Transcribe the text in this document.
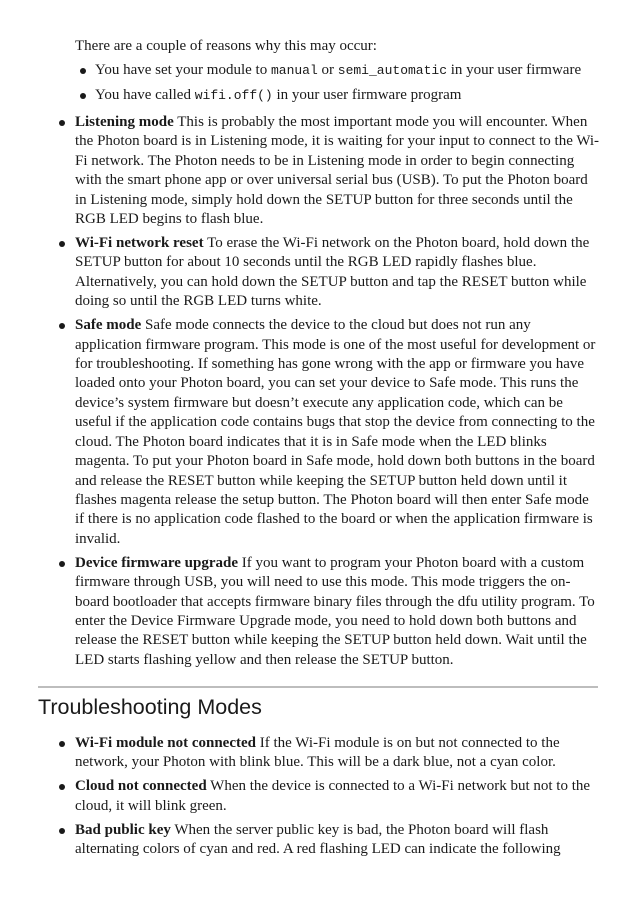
There are a couple of reasons why this may occur:

You have set your module to manual or semi_automatic in your user firmware
You have called wifi.off() in your user firmware program
Listening mode This is probably the most important mode you will encounter. When the Photon board is in Listening mode, it is waiting for your input to connect to the Wi-Fi network. The Photon needs to be in Listening mode in order to begin connecting with the smart phone app or over universal serial bus (USB). To put the Photon board in Listening mode, simply hold down the SETUP button for three seconds until the RGB LED begins to flash blue.
Wi-Fi network reset To erase the Wi-Fi network on the Photon board, hold down the SETUP button for about 10 seconds until the RGB LED rapidly flashes blue. Alternatively, you can hold down the SETUP button and tap the RESET button while doing so until the RGB LED turns white.
Safe mode Safe mode connects the device to the cloud but does not run any application firmware program. This mode is one of the most useful for development or for troubleshooting. If something has gone wrong with the app or firmware you have loaded onto your Photon board, you can set your device to Safe mode. This runs the device’s system firmware but doesn’t execute any application code, which can be useful if the application code contains bugs that stop the device from connecting to the cloud. The Photon board indicates that it is in Safe mode when the LED blinks magenta. To put your Photon board in Safe mode, hold down both buttons in the board and release the RESET button while keeping the SETUP button held down until it flashes magenta release the setup button. The Photon board will then enter Safe mode if there is no application code flashed to the board or when the application firmware is invalid.
Device firmware upgrade If you want to program your Photon board with a custom firmware through USB, you will need to use this mode. This mode triggers the on-board bootloader that accepts firmware binary files through the dfu utility program. To enter the Device Firmware Upgrade mode, you need to hold down both buttons and release the RESET button while keeping the SETUP button held down. Wait until the LED starts flashing yellow and then release the SETUP button.
Troubleshooting Modes
Wi-Fi module not connected If the Wi-Fi module is on but not connected to the network, your Photon with blink blue. This will be a dark blue, not a cyan color.
Cloud not connected When the device is connected to a Wi-Fi network but not to the cloud, it will blink green.
Bad public key When the server public key is bad, the Photon board will flash alternating colors of cyan and red. A red flashing LED can indicate the following
